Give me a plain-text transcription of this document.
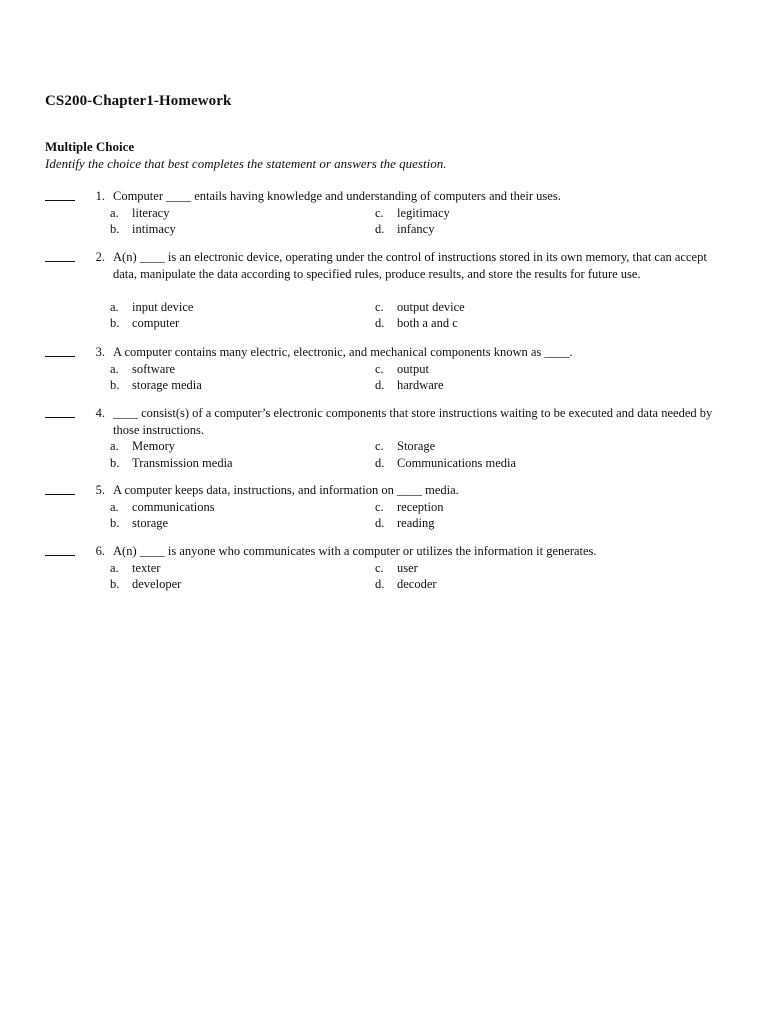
CS200-Chapter1-Homework
Multiple Choice
Identify the choice that best completes the statement or answers the question.
1. Computer ____ entails having knowledge and understanding of computers and their uses.
a. literacy	c. legitimacy
b. intimacy	d. infancy
2. A(n) ____ is an electronic device, operating under the control of instructions stored in its own memory, that can accept data, manipulate the data according to specified rules, produce results, and store the results for future use.
a. input device	c. output device
b. computer	d. both a and c
3. A computer contains many electric, electronic, and mechanical components known as ____.
a. software	c. output
b. storage media	d. hardware
4. ____ consist(s) of a computer’s electronic components that store instructions waiting to be executed and data needed by those instructions.
a. Memory	c. Storage
b. Transmission media	d. Communications media
5. A computer keeps data, instructions, and information on ____ media.
a. communications	c. reception
b. storage	d. reading
6. A(n) ____ is anyone who communicates with a computer or utilizes the information it generates.
a. texter	c. user
b. developer	d. decoder
